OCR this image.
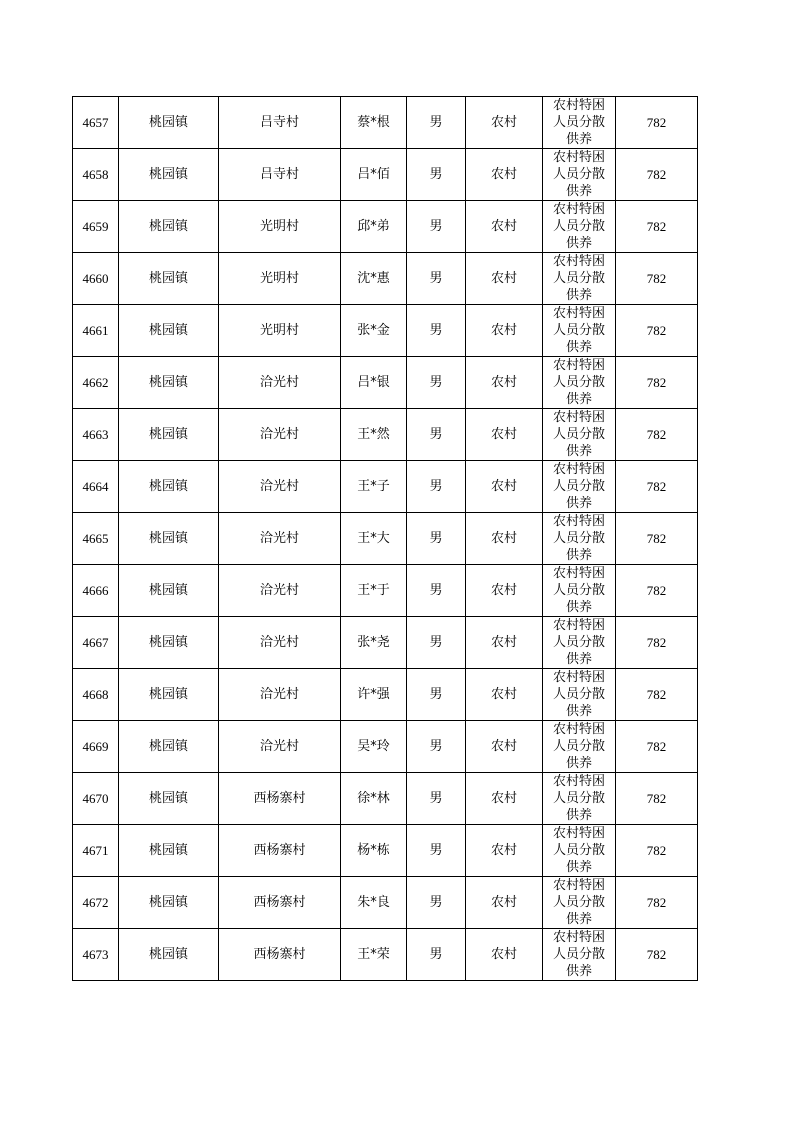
4657	桃园镇	吕寺村	蔡*根	男	农村	农村特困人员分散供养	782
4658	桃园镇	吕寺村	吕*佰	男	农村	农村特困人员分散供养	782
4659	桃园镇	光明村	邱*弟	男	农村	农村特困人员分散供养	782
4660	桃园镇	光明村	沈*惠	男	农村	农村特困人员分散供养	782
4661	桃园镇	光明村	张*金	男	农村	农村特困人员分散供养	782
4662	桃园镇	洽光村	吕*银	男	农村	农村特困人员分散供养	782
4663	桃园镇	洽光村	王*然	男	农村	农村特困人员分散供养	782
4664	桃园镇	洽光村	王*子	男	农村	农村特困人员分散供养	782
4665	桃园镇	洽光村	王*大	男	农村	农村特困人员分散供养	782
4666	桃园镇	洽光村	王*于	男	农村	农村特困人员分散供养	782
4667	桃园镇	洽光村	张*尧	男	农村	农村特困人员分散供养	782
4668	桃园镇	洽光村	许*强	男	农村	农村特困人员分散供养	782
4669	桃园镇	洽光村	吴*玲	男	农村	农村特困人员分散供养	782
4670	桃园镇	西杨寨村	徐*林	男	农村	农村特困人员分散供养	782
4671	桃园镇	西杨寨村	杨*栋	男	农村	农村特困人员分散供养	782
4672	桃园镇	西杨寨村	朱*良	男	农村	农村特困人员分散供养	782
4673	桃园镇	西杨寨村	王*荣	男	农村	农村特困人员分散供养	782
